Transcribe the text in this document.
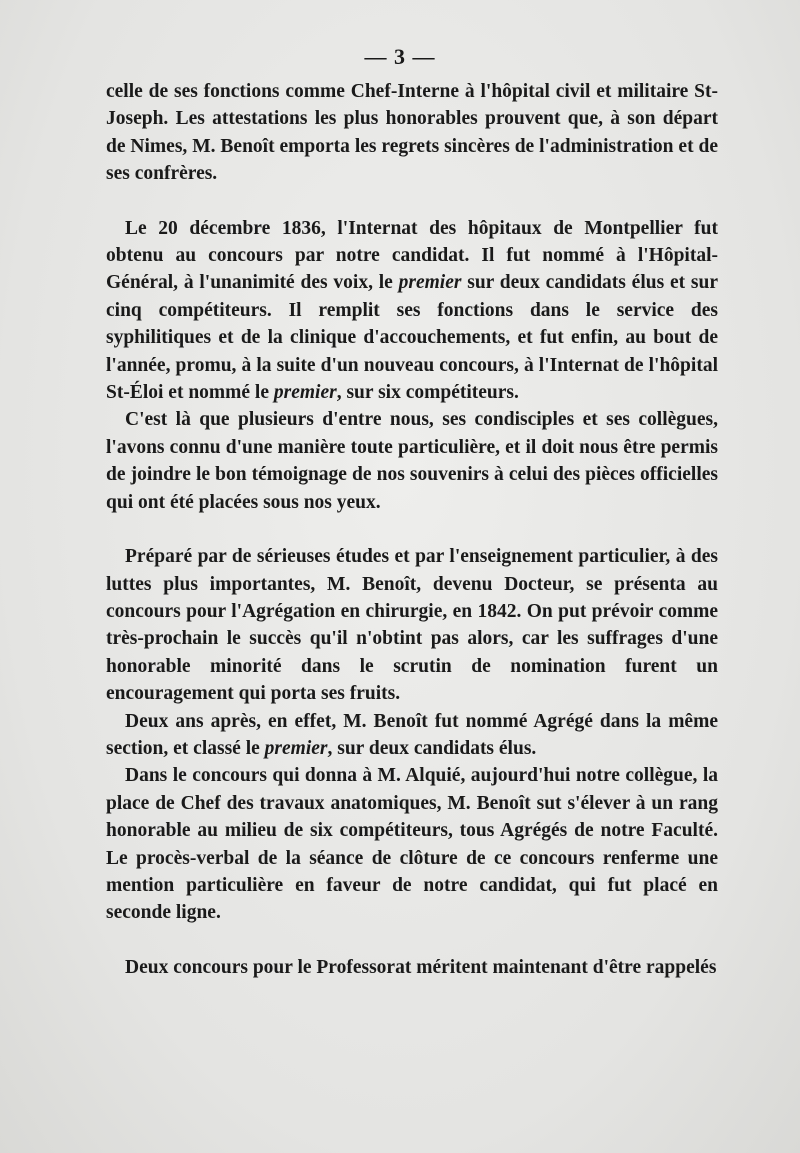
— 3 —

celle de ses fonctions comme Chef-Interne à l'hôpital civil et militaire St-Joseph. Les attestations les plus honorables prouvent que, à son départ de Nimes, M. Benoît emporta les regrets sincères de l'administration et de ses confrères.

Le 20 décembre 1836, l'Internat des hôpitaux de Montpellier fut obtenu au concours par notre candidat. Il fut nommé à l'Hôpital-Général, à l'unanimité des voix, le premier sur deux candidats élus et sur cinq compétiteurs. Il remplit ses fonctions dans le service des syphilitiques et de la clinique d'accouchements, et fut enfin, au bout de l'année, promu, à la suite d'un nouveau concours, à l'Internat de l'hôpital St-Éloi et nommé le premier, sur six compétiteurs.

C'est là que plusieurs d'entre nous, ses condisciples et ses collègues, l'avons connu d'une manière toute particulière, et il doit nous être permis de joindre le bon témoignage de nos souvenirs à celui des pièces officielles qui ont été placées sous nos yeux.

Préparé par de sérieuses études et par l'enseignement particulier, à des luttes plus importantes, M. Benoît, devenu Docteur, se présenta au concours pour l'Agrégation en chirurgie, en 1842. On put prévoir comme très-prochain le succès qu'il n'obtint pas alors, car les suffrages d'une honorable minorité dans le scrutin de nomination furent un encouragement qui porta ses fruits.

Deux ans après, en effet, M. Benoît fut nommé Agrégé dans la même section, et classé le premier, sur deux candidats élus.

Dans le concours qui donna à M. Alquié, aujourd'hui notre collègue, la place de Chef des travaux anatomiques, M. Benoît sut s'élever à un rang honorable au milieu de six compétiteurs, tous Agrégés de notre Faculté. Le procès-verbal de la séance de clôture de ce concours renferme une mention particulière en faveur de notre candidat, qui fut placé en seconde ligne.

Deux concours pour le Professorat méritent maintenant d'être rappelés
